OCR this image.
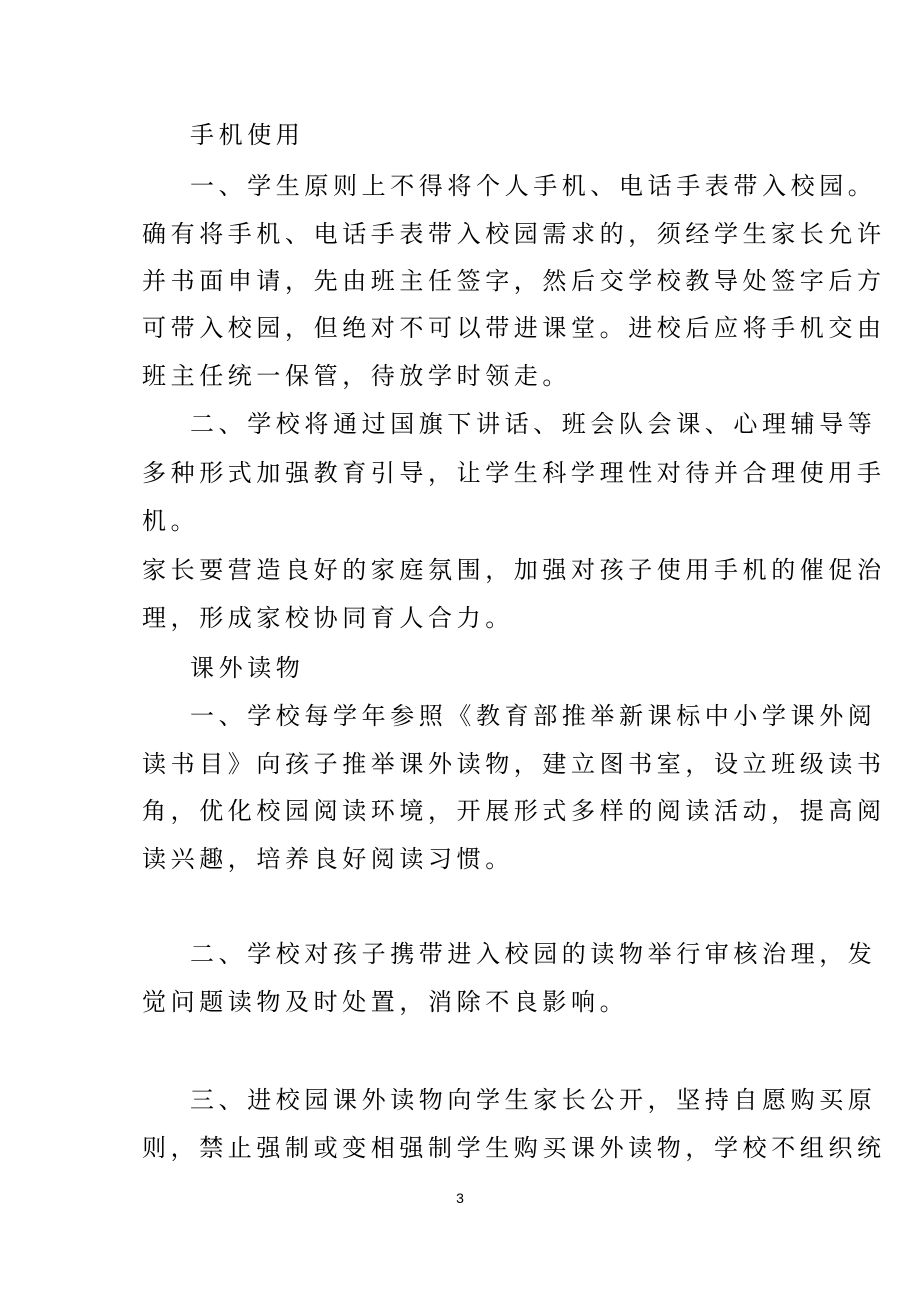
手机使用
一、学生原则上不得将个人手机、电话手表带入校园。
确有将手机、电话手表带入校园需求的，须经学生家长允许
并书面申请，先由班主任签字，然后交学校教导处签字后方
可带入校园，但绝对不可以带进课堂。进校后应将手机交由
班主任统一保管，待放学时领走。
二、学校将通过国旗下讲话、班会队会课、心理辅导等
多种形式加强教育引导，让学生科学理性对待并合理使用手
机。
家长要营造良好的家庭氛围，加强对孩子使用手机的催促治
理，形成家校协同育人合力。
课外读物
一、学校每学年参照《教育部推举新课标中小学课外阅
读书目》向孩子推举课外读物，建立图书室，设立班级读书
角，优化校园阅读环境，开展形式多样的阅读活动，提高阅
读兴趣，培养良好阅读习惯。
二、学校对孩子携带进入校园的读物举行审核治理，发
觉问题读物及时处置，消除不良影响。
三、进校园课外读物向学生家长公开，坚持自愿购买原
则，禁止强制或变相强制学生购买课外读物，学校不组织统
3
